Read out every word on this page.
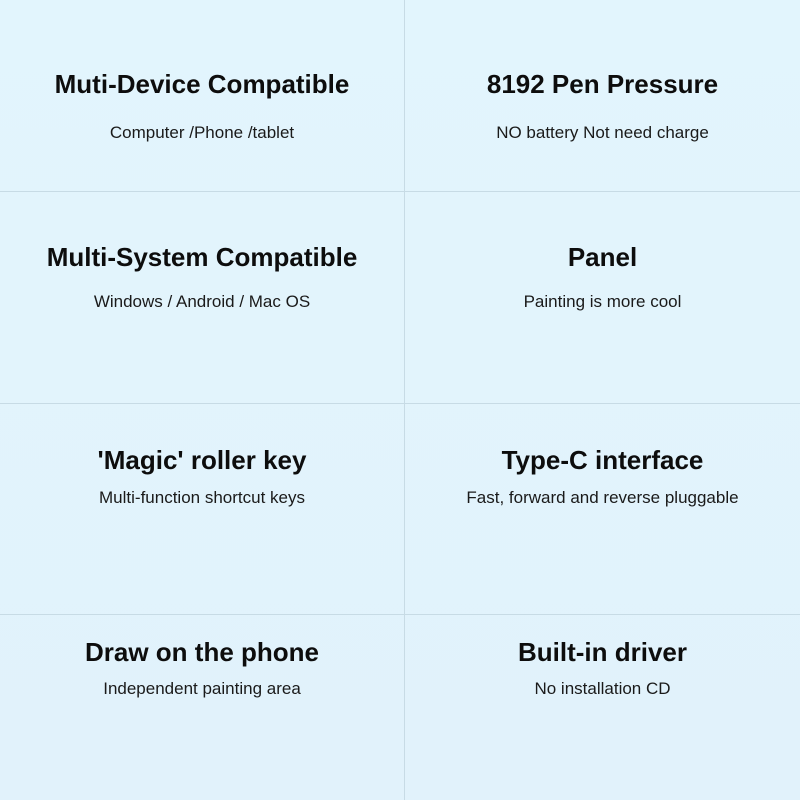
Muti-Device Compatible
Computer /Phone /tablet
8192 Pen Pressure
NO battery Not need charge
Multi-System Compatible
Windows / Android / Mac OS
Panel
Painting is more cool
'Magic' roller key
Multi-function shortcut keys
Type-C interface
Fast, forward and reverse pluggable
Draw on the phone
Independent painting area
Built-in driver
No installation CD
